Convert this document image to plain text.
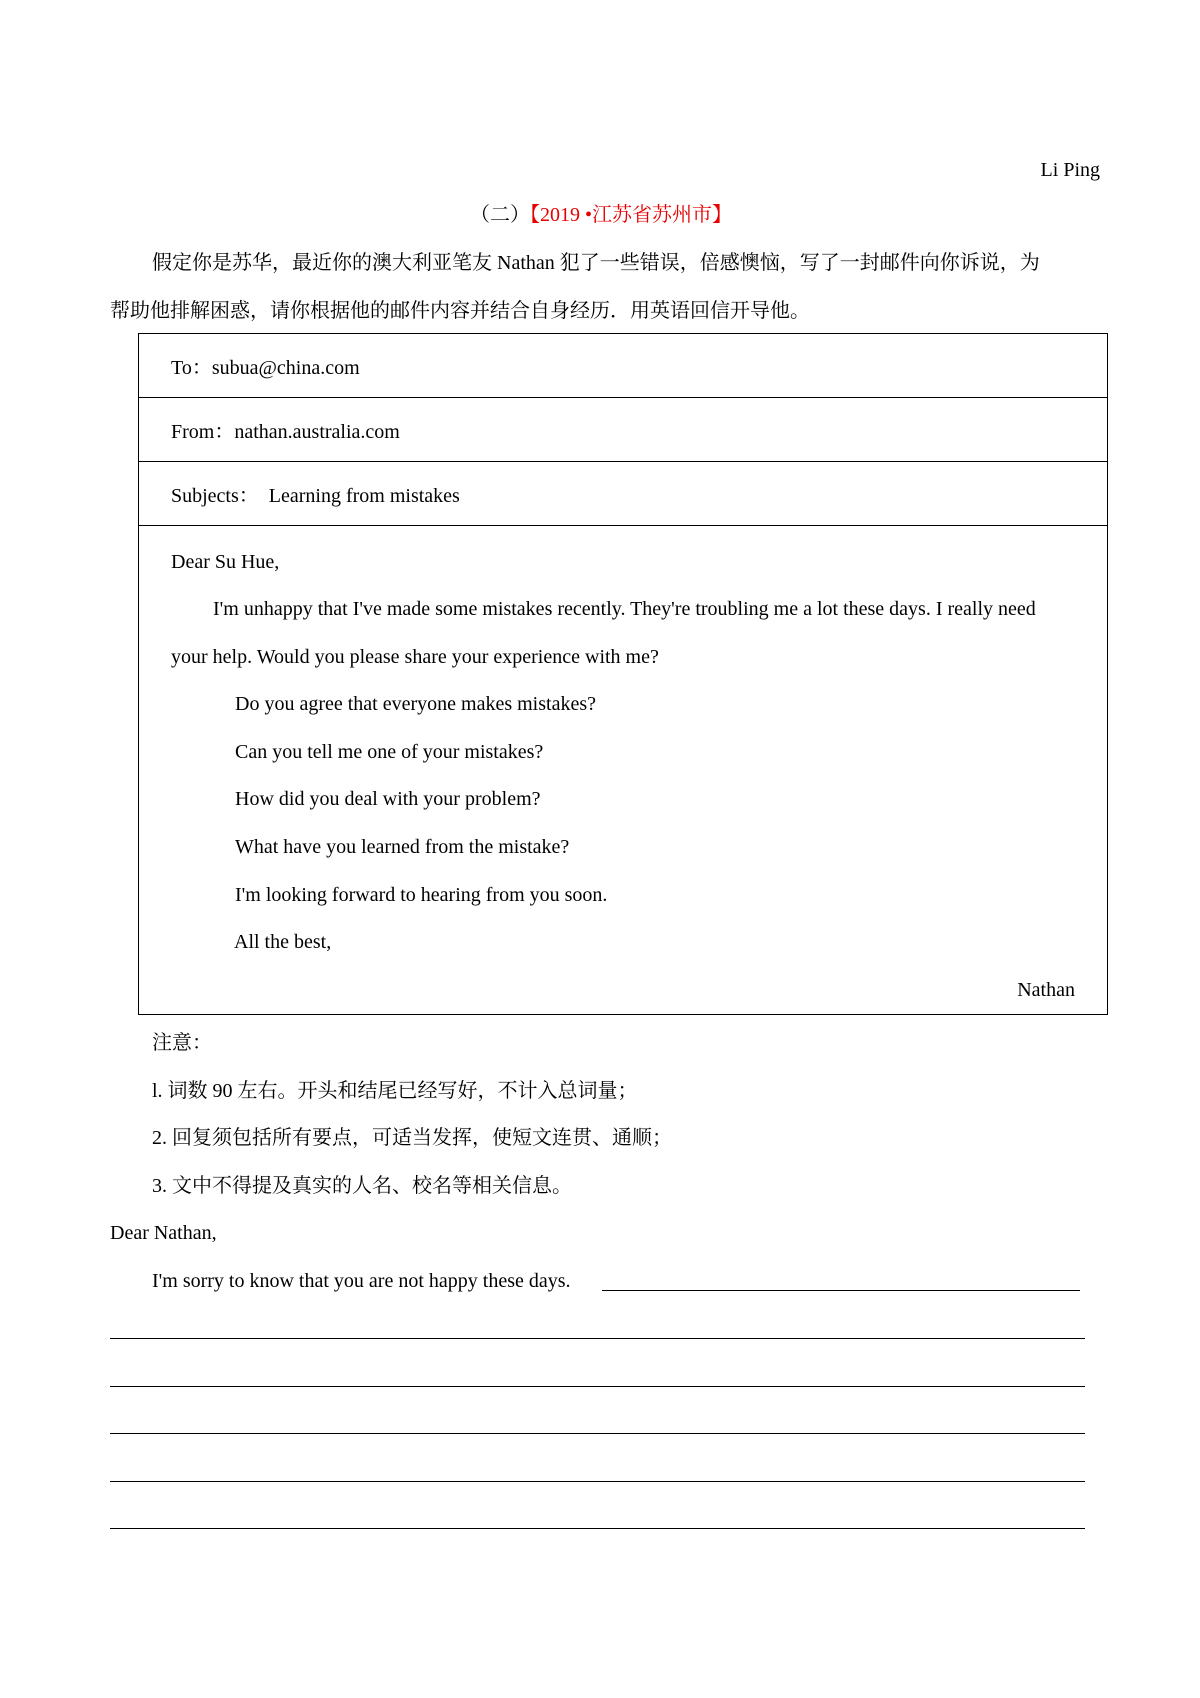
Li Ping
（二）【2019 •江苏省苏州市】
假定你是苏华，最近你的澳大利亚笔友 Nathan 犯了一些错误，倍感懊恼，写了一封邮件向你诉说，为
帮助他排解困惑，请你根据他的邮件内容并结合自身经历．用英语回信开导他。
To：subua@china.com
From：nathan.australia.com
Subjects： Learning from mistakes
Dear Su Hue,
I'm unhappy that I've made some mistakes recently. They're troubling me a lot these days. I really need
your help. Would you please share your experience with me?
Do you agree that everyone makes mistakes?
Can you tell me one of your mistakes?
How did you deal with your problem?
What have you learned from the mistake?
I'm looking forward to hearing from you soon.
All the best,
Nathan
注意：
l. 词数 90 左右。开头和结尾已经写好，不计入总词量；
2. 回复须包括所有要点，可适当发挥，使短文连贯、通顺；
3. 文中不得提及真实的人名、校名等相关信息。
Dear Nathan,
I'm sorry to know that you are not happy these days.
